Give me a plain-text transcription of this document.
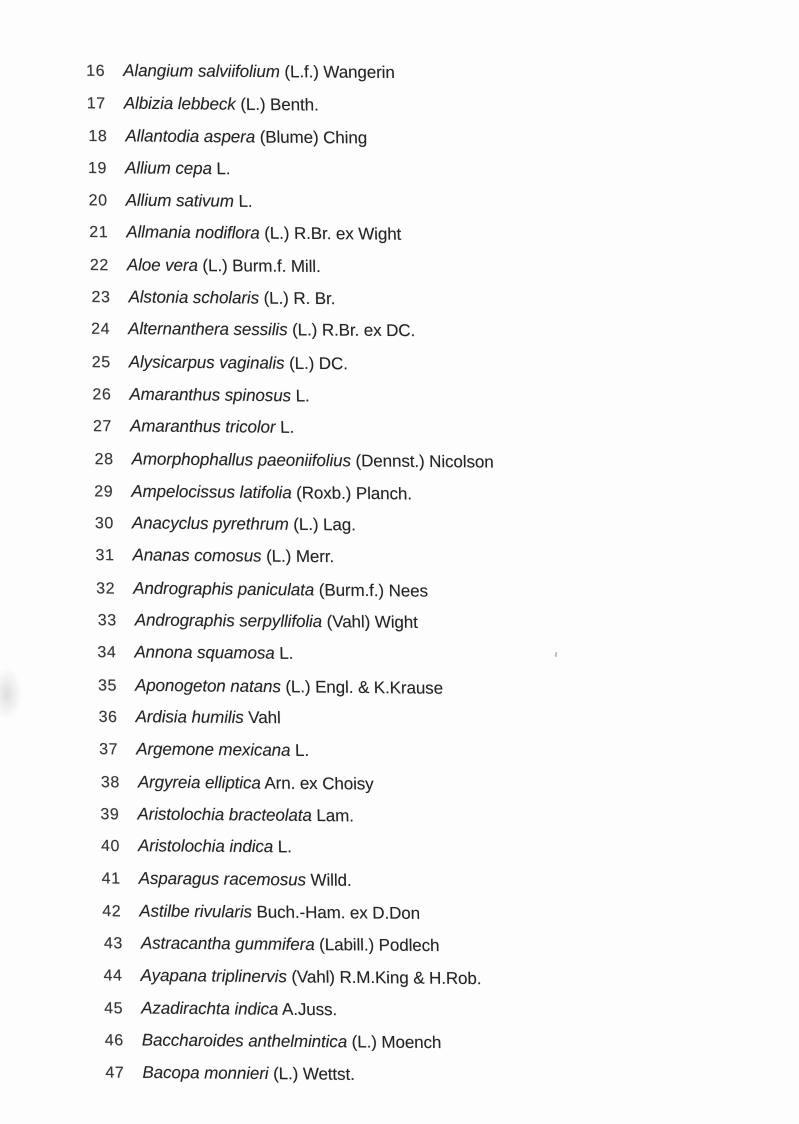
16	Alangium salviifolium (L.f.) Wangerin
17	Albizia lebbeck (L.) Benth.
18	Allantodia aspera (Blume) Ching
19	Allium cepa L.
20	Allium sativum L.
21	Allmania nodiflora (L.) R.Br. ex Wight
22	Aloe vera (L.) Burm.f. Mill.
23	Alstonia scholaris (L.) R. Br.
24	Alternanthera sessilis (L.) R.Br. ex DC.
25	Alysicarpus vaginalis (L.) DC.
26	Amaranthus spinosus L.
27	Amaranthus tricolor L.
28	Amorphophallus paeoniifolius (Dennst.) Nicolson
29	Ampelocissus latifolia (Roxb.) Planch.
30	Anacyclus pyrethrum (L.) Lag.
31	Ananas comosus (L.) Merr.
32	Andrographis paniculata (Burm.f.) Nees
33	Andrographis serpyllifolia (Vahl) Wight
34	Annona squamosa L.
35	Aponogeton natans (L.) Engl. & K.Krause
36	Ardisia humilis Vahl
37	Argemone mexicana L.
38	Argyreia elliptica Arn. ex Choisy
39	Aristolochia bracteolata Lam.
40	Aristolochia indica L.
41	Asparagus racemosus Willd.
42	Astilbe rivularis Buch.-Ham. ex D.Don
43	Astracantha gummifera (Labill.) Podlech
44	Ayapana triplinervis (Vahl) R.M.King & H.Rob.
45	Azadirachta indica A.Juss.
46	Baccharoides anthelmintica (L.) Moench
47	Bacopa monnieri (L.) Wettst.
